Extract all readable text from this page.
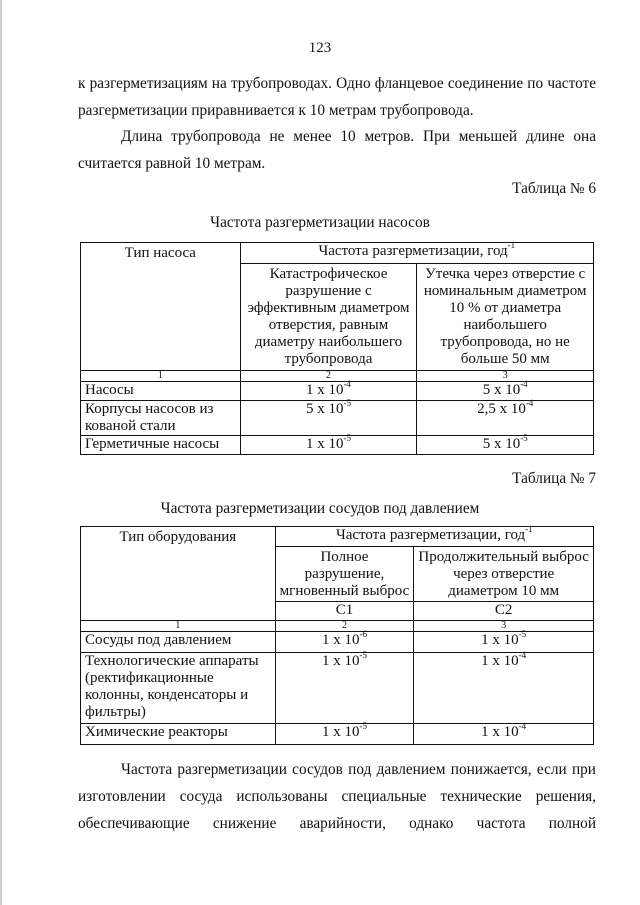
123
к разгерметизациям на трубопроводах. Одно фланцевое соединение по частоте
разгерметизации приравнивается к 10 метрам трубопровода.
Длина трубопровода не менее 10 метров. При меньшей длине она
считается равной 10 метрам.
Таблица № 6
Частота разгерметизации насосов
Тип насоса	Частота разгерметизации, год$^{-1}$
	Катастрофическое разрушение с эффективным диаметром отверстия, равным диаметру наибольшего трубопровода	Утечка через отверстие с номинальным диаметром 10 % от диаметра наибольшего трубопровода, но не больше 50 мм
1	2	3
Насосы	1 x $10^{-4}$	5 x $10^{-4}$
Корпусы насосов из кованой стали	5 x $10^{-5}$	2,5 x $10^{-4}$
Герметичные насосы	1 x $10^{-5}$	5 x $10^{-5}$
Таблица № 7
Частота разгерметизации сосудов под давлением
Тип оборудования	Частота разгерметизации, год$^{-1}$
	Полное разрушение, мгновенный выброс	Продолжительный выброс через отверстие диаметром 10 мм
	C1	C2
1	2	3
Сосуды под давлением	1 x $10^{-6}$	1 x $10^{-5}$
Технологические аппараты (ректификационные колонны, конденсаторы и фильтры)	1 x $10^{-5}$	1 x $10^{-4}$
Химические реакторы	1 x $10^{-5}$	1 x $10^{-4}$
Частота разгерметизации сосудов под давлением понижается, если при
изготовлении сосуда использованы специальные технические решения,
обеспечивающие снижение аварийности, однако частота полной
